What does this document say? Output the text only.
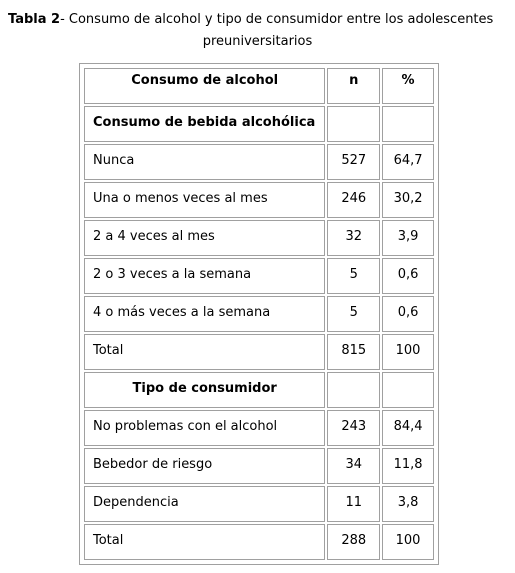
Tabla 2- Consumo de alcohol y tipo de consumidor entre los adolescentes
preuniversitarios
Consumo de alcohol	n	%
Consumo de bebida alcohólica		
Nunca	527	64,7
Una o menos veces al mes	246	30,2
2 a 4 veces al mes	32	3,9
2 o 3 veces a la semana	5	0,6
4 o más veces a la semana	5	0,6
Total	815	100
Tipo de consumidor		
No problemas con el alcohol	243	84,4
Bebedor de riesgo	34	11,8
Dependencia	11	3,8
Total	288	100
